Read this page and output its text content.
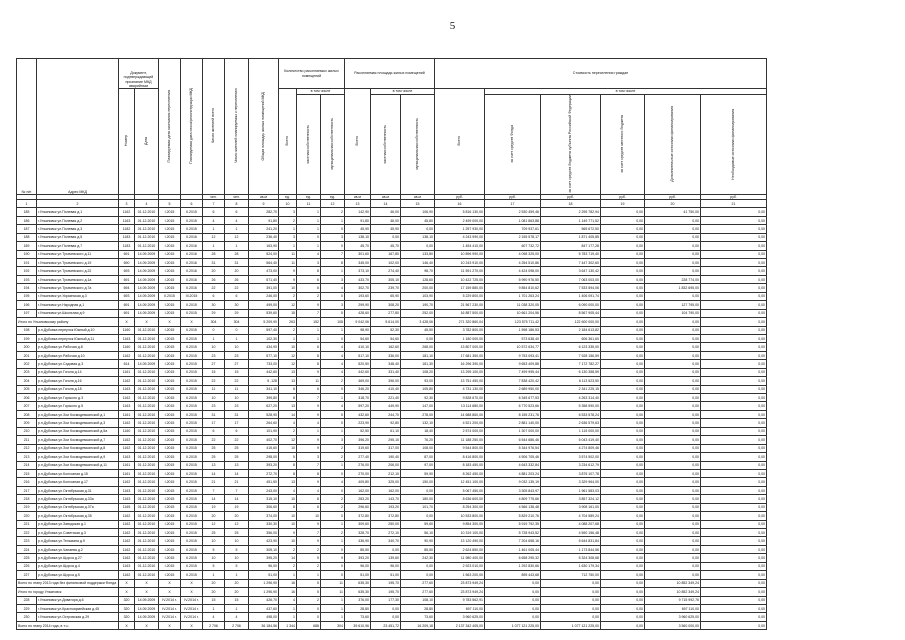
5
№ п/п	Адрес МКД	Документ, подтверждающий признание МКД аварийным		Планируемая дата окончания переселения	Планируемая дата сноса/реконструкции МКД	Число жителей всего	Число жителей планируемых к переселению	Общая площадь жилых помещений МКД	Количество расселяемых жилых помещений			Расселяемая площадь жилых помещений			Стоимость переселения граждан					
		Номер	Дата						Всего	в том числе		Всего	в том числе		Всего	в том числе				
										частная собственность	муниципальная собственность		частная собственность	муниципальная собственность		за счет средств Фонда	за счет средств бюджета субъекта Российской Федерации	за счет средств местного бюджета	Дополнительные источники финансирования	Необходимые источники финансирования
						чел.	чел.	кв.м	ед.	ед.	ед.	кв.м	кв.м	кв.м	руб.	руб.	руб.	руб.	руб.	руб.
1	2	3	4	5	6	7	8	9	10	11	12	13	14	15	16	17	18	19	20	21
185	г.Ульяновск ул.Полевая д.1	1162	01.12.2010	I.2015	II.2015	6	6	282,70	3	1	2	142,90	46,00	106,90	5 816 130,00	2 530 459,46	2 295 782,94	0,00	41 750,00	0,00
186	г.Ульяновск ул.Полевая д.2	1163	01.12.2010	I.2015	II.2015	4	4	91,80	2	1	1	91,80	46,00	45,80	2 499 000,00	1 081 863,88	1 149 771,52	0,00	0,00	0,00
187	г.Ульяновск ул.Полевая д.3	1182	01.12.2010	I.2015	II.2015	1	1	241,20	1	1	0	45,90	45,90	0,00	1 257 930,00	709 937,61	565 672,50	0,00	0,00	0,00
188	г.Ульяновск ул.Полевая д.5	1183	01.12.2010	I.2015	II.2016	12	12	236,40	3	0	3	138,10	0,00	138,10	4 243 990,00	2 155 578,17	1 871 405,85	0,00	0,00	0,00
189	г.Ульяновск ул.Полевая д.7	1183	01.12.2010	I.2015	II.2016	1	1	163,90	1	1	0	45,70	45,70	0,00	1 454 410,00	607 732,72	847 177,28	0,00	0,00	0,00
190	г.Ульяновск ул.Тухачевского д.11	691	14.09.2009	I.2015	II.2016	28	28	524,00	11	4	7	301,60	167,80	133,80	10 896 990,00	4 098 325,00	5 783 719,40	0,00	0,00	0,00
191	г.Ульяновск ул.Тухачевского д.19	690	14.09.2009	I.2015	II.2016	31	31	564,40	11	3	8	345,00	102,00	146,40	10 243 910,00	4 254 510,86	7 447 302,60	0,00	0,00	0,00
192	г.Ульяновск ул.Тухачевского д.22	693	14.09.2009	I.2015	II.2016	20	20	473,00	9	8	1	373,10	274,40	98,70	11 591 270,00	4 424 098,00	3 647 130,42	0,00	0,00	0,00
193	г.Ульяновск ул.Тухачевского д.1а	691	14.09.2009	I.2015	II.2016	26	26	571,40	9	6	3	433,70	305,10	128,60	10 422 725,00	5 990 976,50	7 063 003,00	0,00	228 774,00	0,00
194	г.Ульяновск ул.Тухачевского д.7а	694	14.09.2009	I.2015	II.2016	22	22	391,00	10	6	4	302,70	239,70	200,00	17 159 880,00	9 854 810,62	7 533 594,06	0,00	1 832 695,00	0,00
195	г.Ульяновск ул.Украинская д.3	693	14.09.2009	II.2015	III.2015	6	6	246,00	2	2	0	193,60	65,90	103,90	5 229 800,00	1 701 263,24	1 406 091,74	0,00	0,00	0,00
196	г.Ульяновск ул.Народная д.1	691	14.09.2009	I.2015	II.2015	30	30	499,00	12	9	3	299,90	308,20	190,70	21 567 230,00	11 038 320,05	6 090 000,00	0,00	127 795,00	0,00
197	г.Ульяновск ул.Школьная д.9	691	14.09.2009	I.2015	II.2015	29	29	539,60	15	7	5	428,60	277,80	252,00	16 887 500,00	10 661 204,56	8 567 905,44	0,00	104 790,00	0,00
Итого по Ульяновскому району		X	X	X	X	304	304	5 209,90	263	152	108	9 042,06	5 614,00	3 428,06	271 320 860,04	123 575 711,42	122 600 000,00	0,00	0,00	0,00
198	р.п.Дубовка переулок Южный д.10	1160	01.12.2010	I.2015	II.2015	0	0	597,40	2	1	1	98,90	52,30	45,50	3 782 800,00	1 598 186,53	2 184 613,82	0,00	0,00	0,00
199	р.п.Дубовка переулок Южный д.11	1163	01.12.2010	I.2015	II.2015	1	1	102,30	1	1	0	54,60	54,60	0,00	1 180 000,00	573 638,40	606 361,60	0,00	0,00	0,00
200	р.п.Дубовка ул.Рабочая д.8	1160	01.12.2010	I.2015	II.2015	10	10	434,90	10	6	4	410,10	162,60	268,00	13 807 000,00	10 572 634,77	6 123 335,00	0,00	0,00	0,00
201	р.п.Дубовка ул.Рабочая д.10	1162	01.12.2010	I.2015	II.2015	23	23	577,10	12	8	4	517,10	336,00	181,10	17 681 350,00	9 753 093,41	7 928 156,59	0,00	0,00	0,00
202	р.п.Дубовка ул.Садовая д.3	614	14.09.2009	I.2015	II.2015	27	27	733,00	12	8	4	520,50	348,40	181,30	16 296 390,00	9 653 409,88	7 172 782,27	0,00	0,00	0,00
203	р.п.Дубовка ул.Гоголя д.14	1161	01.12.2010	I.2015	II.2015	15	15	442,60	13	9	4	442,60	331,40	108,20	13 295 100,00	7 499 995,44	6 130 358,59	0,00	0,00	0,00
204	р.п.Дубовка ул.Гоголя д.16	1162	01.12.2010	I.2015	II.2015	22	22	5 ,128	13	11	2	469,00	396,00	93,00	13 751 450,00	7 838 420,42	6 113 523,50	0,00	0,00	0,00
205	р.п.Дубовка ул.Гоголя д.18	1163	01.12.2010	I.2015	II.2015	11	11	341,10	6	6	0	346,20	410,40	105,80	4 731 130,00	2 689 950,00	2 341 225,15	0,00	0,00	0,00
206	р.п.Дубовка ул.Горького д.3	1162	01.12.2010	I.2015	II.2015	10	10	399,80	8	7	1	318,70	221,40	92,30	9 828 670,00	6 345 677,53	4 263 314,40	0,00	0,00	0,00
207	р.п.Дубовка ул.Горького д.5	1163	01.12.2010	I.2015	II.2015	23	23	627,20	13	9	4	597,20	449,90	147,00	13 114 680,00	6 770 523,66	5 358 590,00	0,00	0,00	0,00
208	р.п.Дубовка ул.Зои Космодемьянской д.1	1161	01.12.2010	I.2015	II.2015	31	31	528,90	14	9	5	432,60	244,70	278,00	14 688 860,00	8 155 231,76	6 533 578,24	0,00	0,00	0,00
209	р.п.Дубовка ул.Зои Космодемьянской д.3	1162	01.12.2010	I.2015	II.2015	17	17	264,60	4	4	0	223,90	92,80	132,10	4 521 200,00	2 881 140,00	2 636 579,63	0,00	0,00	0,00
210	р.п.Дубовка ул.Зои Космодемьянской д.5а	1160	01.12.2010	I.2015	II.2015	6	6	101,90	2	1	1	52,50	61,10	18,40	2 574 000,00	1 307 000,00	1 115 000,00	0,00	0,00	0,00
211	р.п.Дубовка ул.Зои Космодемьянской д.7	1162	01.12.2010	I.2015	II.2015	22	22	402,70	12	9	3	396,20	295,10	76,20	11 188 250,00	6 544 686,46	5 043 419,40	0,00	0,00	0,00
212	р.п.Дубовка ул.Зои Космодемьянской д.8	1162	01.12.2010	I.2015	II.2015	25	25	415,60	10	9	2	319,60	317,00	108,00	9 544 800,00	5 344 976,54	4 274 809,46	0,00	0,00	0,00
213	р.п.Дубовка ул.Зои Космодемьянской д.9	1163	01.12.2010	I.2015	II.2015	25	25	298,00	5	3	2	277,40	190,40	87,00	8 416 800,00	4 506 705,46	3 574 502,00	0,00	0,00	0,00
214	р.п.Дубовка ул.Зои Космодемьянской д.11	1161	01.12.2010	I.2015	II.2015	13	13	393,20	8	7	1	276,00	206,00	97,00	8 183 450,00	4 643 332,84	3 234 612,79	0,00	0,00	0,00
215	р.п.Дубовка ул.Колхозная д.15	1161	01.12.2010	I.2015	II.2015	14	14	272,70	8	8	0	270,00	212,10	59,90	8 262 450,00	4 881 203,24	3 875 107,78	0,00	0,00	0,00
216	р.п.Дубовка ул.Колхозная д.17	1162	01.12.2010	I.2015	II.2015	21	21	451,50	13	9	4	409,80	325,00	150,00	12 451 100,00	9 032 135,19	3 329 964,00	0,00	0,00	0,00
217	р.п.Дубовка ул.Октябрьская д.31	1163	01.12.2010	I.2015	II.2015	7	7	243,00	4	4	0	162,00	162,00	0,00	5 067 450,00	3 305 843,97	1 961 583,03	0,00	0,00	0,00
218	р.п.Дубовка ул.Октябрьская д.33а	1163	01.12.2010	I.2015	II.2015	14	14	315,10	10	8	2	283,20	143,70	180,00	8 636 600,00	4 809 775,66	3 857 324,12	0,00	0,00	0,00
219	р.п.Дубовка ул.Октябрьская д.37а	1165	01.12.2010	I.2015	II.2015	19	19	306,60	8	6	2	296,60	193,20	101,70	8 254 300,00	4 566 138,48	3 908 161,00	0,00	0,00	0,00
220	р.п.Дубовка ул.Октябрьская д.35	1162	01.12.2010	I.2015	II.2015	20	20	374,00	10	10	0	372,80	372,80	0,00	10 533 800,00	5 829 210,76	4 704 589,24	0,00	0,00	0,00
221	р.п.Дубовка ул.Заводская д.1	1162	01.12.2010	I.2015	II.2015	12	12	330,30	10	9	1	309,60	250,00	59,60	9 854 300,00	5 919 792,35	4 088 207,68	0,00	0,00	0,00
222	р.п.Дубовка ул.Советская д.3	1162	01.12.2010	I.2015	II.2015	25	25	356,00	9	7	2	328,70	272,10	56,10	10 319 100,00	5 728 943,52	4 590 156,48	0,00	0,00	0,00
223	р.п.Дубовка ул.Тельмана д.9	1162	01.12.2010	I.2015	II.2015	10	10	423,90	10	9	1	436,90	340,70	90,90	13 120 490,00	7 204 658,16	5 644 831,84	0,00	0,00	0,00
224	р.п.Дубовка ул.Чапаева д.2	1162	01.12.2010	I.2015	II.2015	5	5	305,10	2	2	0	85,50	0,00	85,50	2 624 850,00	1 461 005,44	1 173 844,56	0,00	0,00	0,00
225	р.п.Дубовка ул.Щорса д.27	1162	01.12.2010	I.2015	II.2015	10	10	395,20	14	5	9	393,20	139,60	242,30	11 980 400,00	6 658 295,32	5 324 308,68	0,00	0,00	0,00
226	р.п.Дубовка ул.Щорса д.4	1163	01.12.2010	I.2015	II.2015	5	5	96,00	2	2	0	96,00	96,00	0,00	2 923 010,00	1 292 830,66	1 630 179,34	0,00	0,00	0,00
227	р.п.Дубовка ул.Щорса д.5	1162	01.12.2010	I.2015	II.2015	1	1	51,00	1	1	0	51,00	51,00	0,00	1 563 200,00	895 443,68	712 750,00	0,00	0,00	0,00
Всего по этапу 2013 года без финансовой поддержки Фонда		X	X	X	X	20	20	1 296,90	16	5	11	635,30	195,70	277,60	23 873 949,24	0,00	0,00	0,00	10 852 349,24	0,00
Итого по городу Ульяновск		X	X	X	X	20	20	1 296,90	16	5	11	635,30	195,70	277,60	23 873 949,24	0,00	0,00	0,00	10 852 349,24	0,00
228	г.Ульяновск ул.Доватора д.6	320	14.09.2009	IV.2014 г.	IV.2014 г.	15	15	426,70	4	2	1	376,00	177,30	108,10	9 783 562,91	0,00	0,00	0,00	9 715 992,76	0,00
229	г.Ульяновск ул.Красноармейская д.45	320	14.09.2009	IV.2014 г.	IV.2014 г.	1	1	437,60	1	0	1	28,80	0,00	28,80	697 110,00	0,00	0,00	0,00	697 110,00	0,00
230	г.Ульяновск ул.Островская д.29	320	14.09.2009	IV.2014 г.	IV.2014 г.	4	4	498,00	1	0	1	73,60	0,00	73,60	3 960 625,00	0,00	0,00	0,00	3 960 625,00	0,00
Всего по этапу 2014 года, в т.ч.:		X	X	X	X	2 706	2 706	36 184,56	1 344	688	304	39 610,96	23 451,72	16 209,18	2 137 342 405,00	1 077 121 225,00	1 077 121 225,00	0,00	3 560 000,00	0,00
